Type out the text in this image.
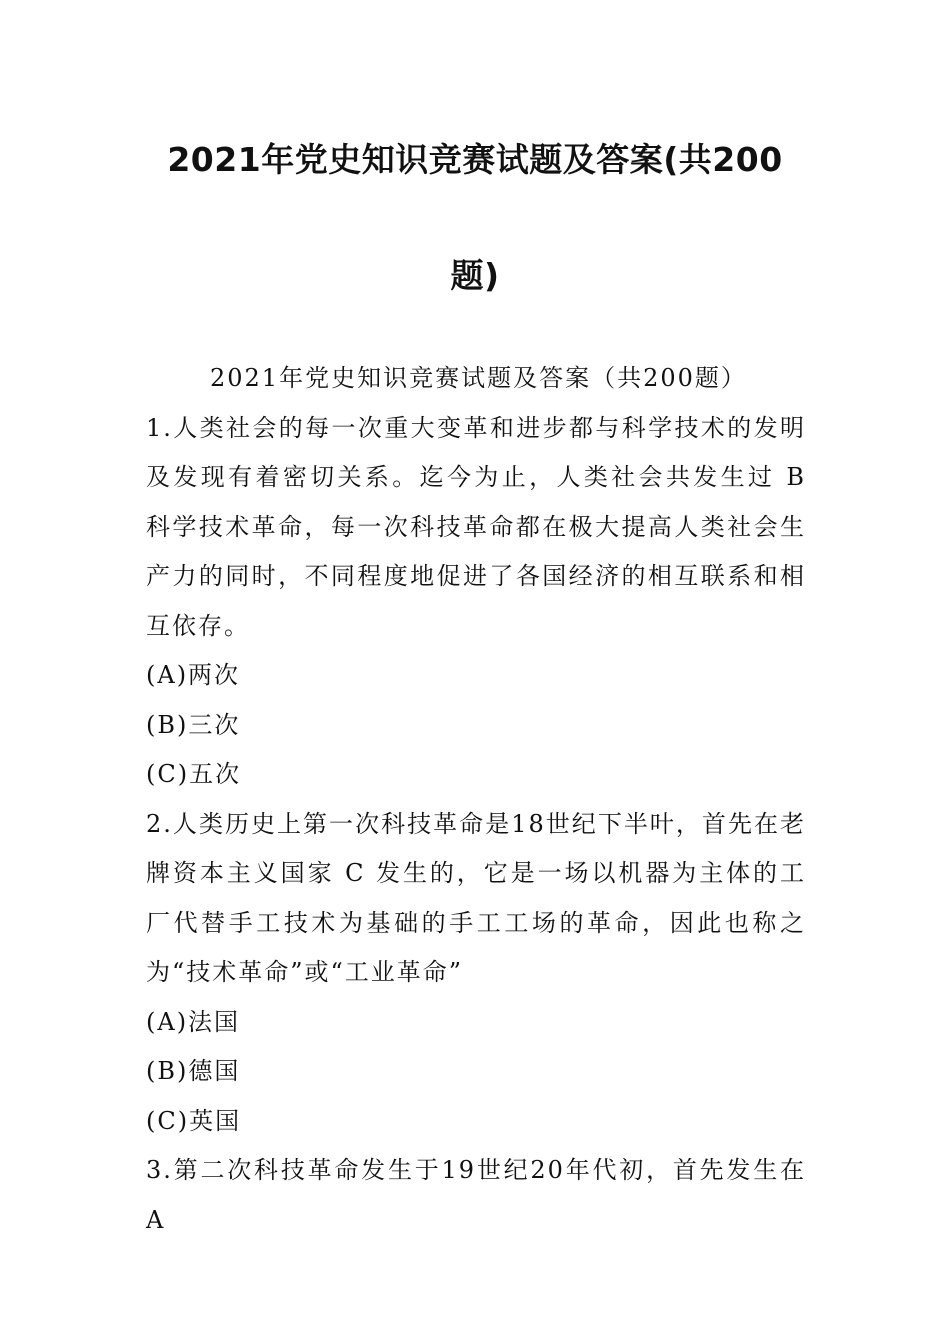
2021年党史知识竞赛试题及答案(共200
题)

2021年党史知识竞赛试题及答案（共200题）

1.人类社会的每一次重大变革和进步都与科学技术的发明及发现有着密切关系。迄今为止，人类社会共发生过 B 科学技术革命，每一次科技革命都在极大提高人类社会生产力的同时，不同程度地促进了各国经济的相互联系和相互依存。

(A)两次

(B)三次

(C)五次

2.人类历史上第一次科技革命是18世纪下半叶，首先在老牌资本主义国家 C 发生的，它是一场以机器为主体的工厂代替手工技术为基础的手工工场的革命，因此也称之为“技术革命”或“工业革命”

(A)法国

(B)德国

(C)英国

3.第二次科技革命发生于19世纪20年代初，首先发生在 A
